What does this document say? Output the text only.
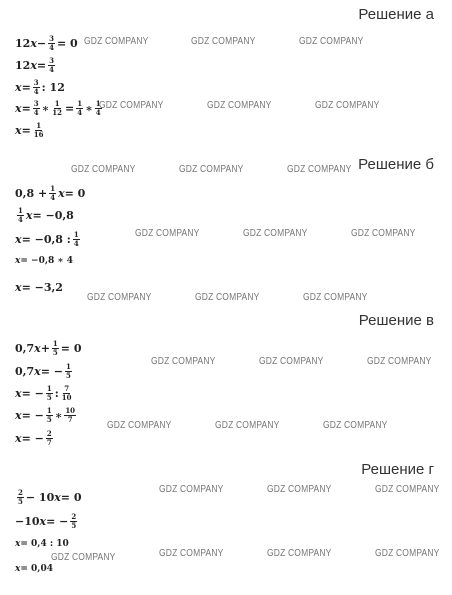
Решение а
Решение б
Решение в
Решение г
12 $x - \frac{3}{4} = 0$
12 $x = \frac{3}{4}$
$x = \frac{3}{4}$ : 12
$x = \frac{3}{4}$ ∗ $\frac{1}{12} = \frac{1}{4}$ ∗ $\frac{1}{4}$
$x = \frac{1}{16}$
$0,8 + \frac{1}{4}$ x = 0
$\frac{1}{4}$ x = −0,8
x = −0,8 : $\frac{1}{4}$
x = −0,8 ∗ 4
x = −3,2
0,7 $x + \frac{1}{5} = 0$
0,7 x = − $\frac{1}{5}$
x = − $\frac{1}{5}$ : $\frac{7}{10}$
x = − $\frac{1}{5}$ ∗ $\frac{10}{7}$
x = − $\frac{2}{7}$
$\frac{2}{5} - 10$ x = 0
−10 x = − $\frac{2}{5}$
x = 0,4 : 10
x = 0,04
GDZ COMPANY	GDZ COMPANY	GDZ COMPANY
GDZ COMPANY	GDZ COMPANY	GDZ COMPANY
GDZ COMPANY	GDZ COMPANY	GDZ COMPANY
GDZ COMPANY	GDZ COMPANY	GDZ COMPANY
GDZ COMPANY	GDZ COMPANY	GDZ COMPANY
GDZ COMPANY	GDZ COMPANY	GDZ COMPANY
GDZ COMPANY	GDZ COMPANY	GDZ COMPANY
GDZ COMPANY	GDZ COMPANY	GDZ COMPANY
GDZ COMPANY	GDZ COMPANY	GDZ COMPANY
GDZ COMPANY
